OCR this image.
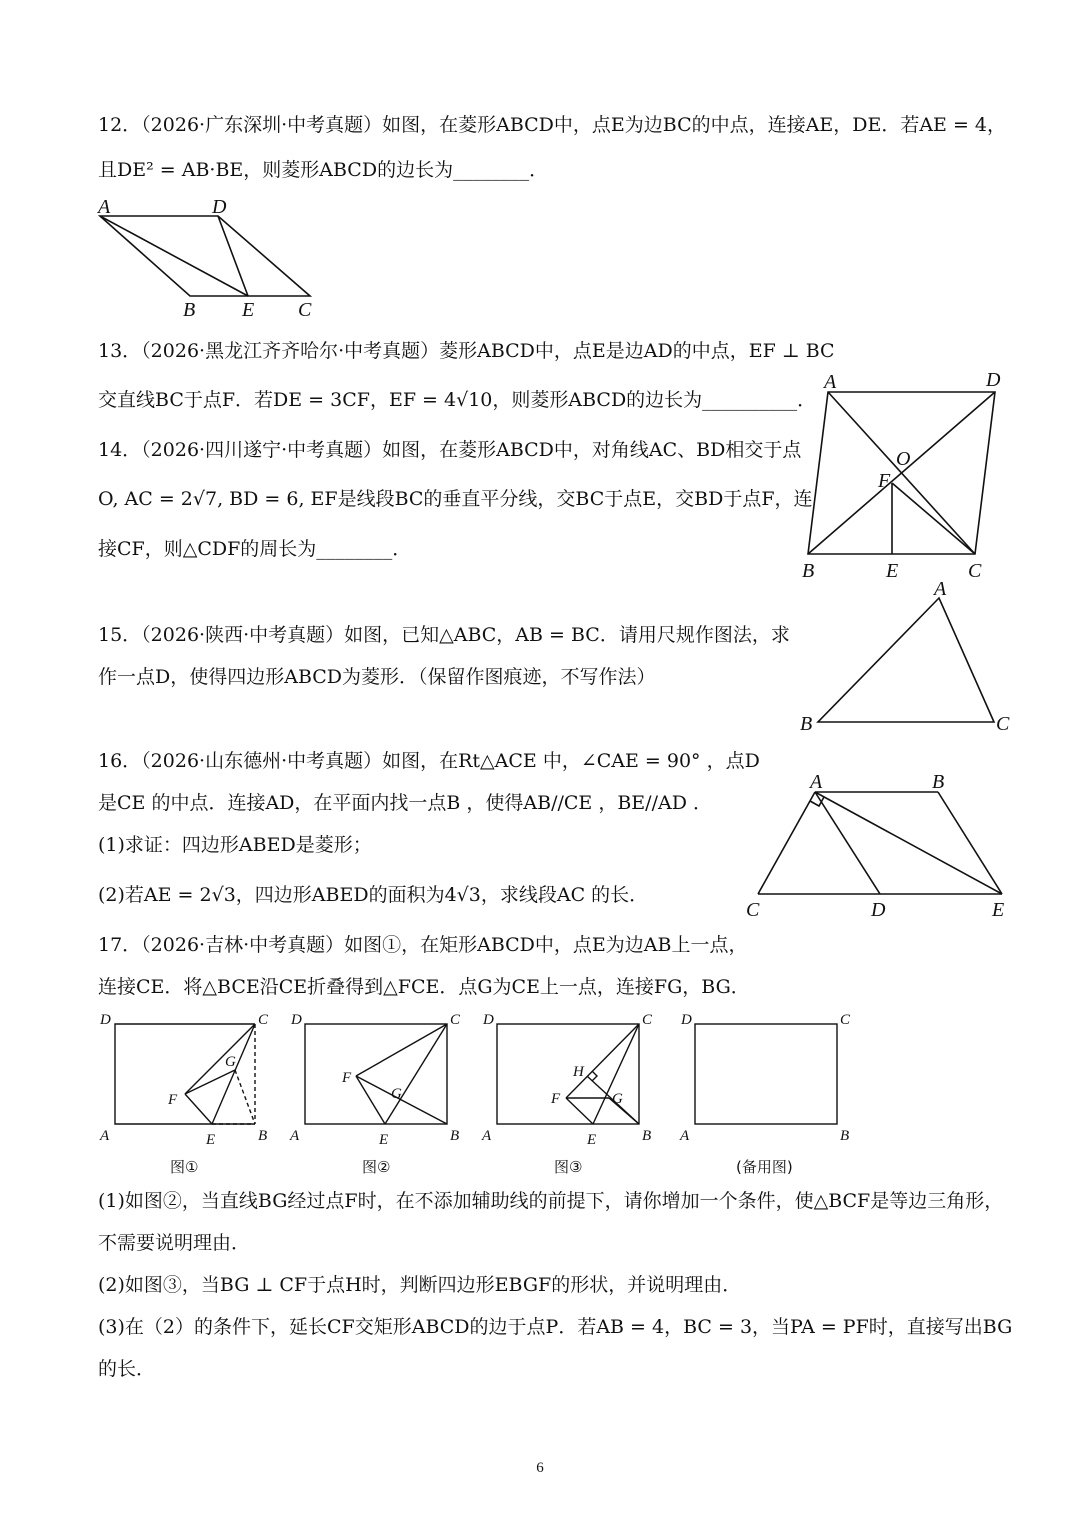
12．（2026·广东深圳·中考真题）如图，在菱形ABCD中，点E为边BC的中点，连接AE，DE．若AE = 4，
且DE² = AB·BE，则菱形ABCD的边长为________．
A	D
B E C
13．（2026·黑龙江齐齐哈尔·中考真题）菱形ABCD中，点E是边AD的中点，EF ⊥ BC
交直线BC于点F．若DE = 3CF，EF = 4√10，则菱形ABCD的边长为__________．
14．（2026·四川遂宁·中考真题）如图，在菱形ABCD中，对角线AC、BD相交于点
O, AC = 2√7, BD = 6, EF是线段BC的垂直平分线，交BC于点E，交BD于点F，连
接CF，则△CDF的周长为________．
A	D
O
F
B	E	C
15．（2026·陕西·中考真题）如图，已知△ABC，AB = BC．请用尺规作图法，求
作一点D，使得四边形ABCD为菱形．（保留作图痕迹，不写作法）
A
B	C
16．（2026·山东德州·中考真题）如图，在Rt△ACE 中，∠CAE = 90° ，点D
是CE 的中点．连接AD，在平面内找一点B ，使得AB//CE ，BE//AD ．
(1)求证：四边形ABED是菱形；
(2)若AE = 2√3，四边形ABED的面积为4√3，求线段AC 的长．
A	B
C	D	E
17．（2026·吉林·中考真题）如图①，在矩形ABCD中，点E为边AB上一点，
连接CE．将△BCE沿CE折叠得到△FCE．点G为CE上一点，连接FG，BG．
D	C
G
F
A	E	B
图①
D	C
F
G
A	E	B
图②
D	C
H
F	G
A	E	B
图③
D	C
A	B
(备用图)
(1)如图②，当直线BG经过点F时，在不添加辅助线的前提下，请你增加一个条件，使△BCF是等边三角形，
不需要说明理由．
(2)如图③，当BG ⊥ CF于点H时，判断四边形EBGF的形状，并说明理由．
(3)在（2）的条件下，延长CF交矩形ABCD的边于点P．若AB = 4，BC = 3，当PA = PF时，直接写出BG
的长．
6
